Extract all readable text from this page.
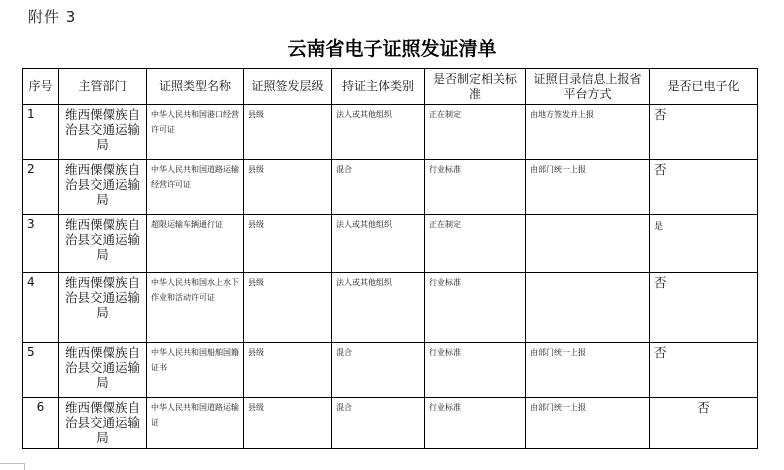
附件 3
云南省电子证照发证清单
序号	主管部门	证照类型名称	证照签发层级	持证主体类别	是否制定相关标准	证照目录信息上报省平台方式	是否已电子化
1	维西傈僳族自治县交通运输局	中华人民共和国港口经营许可证	县级	法人或其他组织	正在制定	由地方签发并上报	否
2	维西傈僳族自治县交通运输局	中华人民共和国道路运输经营许可证	县级	混合	行业标准	由部门统一上报	否
3	维西傈僳族自治县交通运输局	超限运输车辆通行证	县级	法人或其他组织	正在制定		是
4	维西傈僳族自治县交通运输局	中华人民共和国水上水下作业和活动许可证	县级	法人或其他组织	行业标准		否
5	维西傈僳族自治县交通运输局	中华人民共和国船舶国籍证书	县级	混合	行业标准	由部门统一上报	否
6	维西傈僳族自治县交通运输局	中华人民共和国道路运输证	县级	混合	行业标准	由部门统一上报	否
